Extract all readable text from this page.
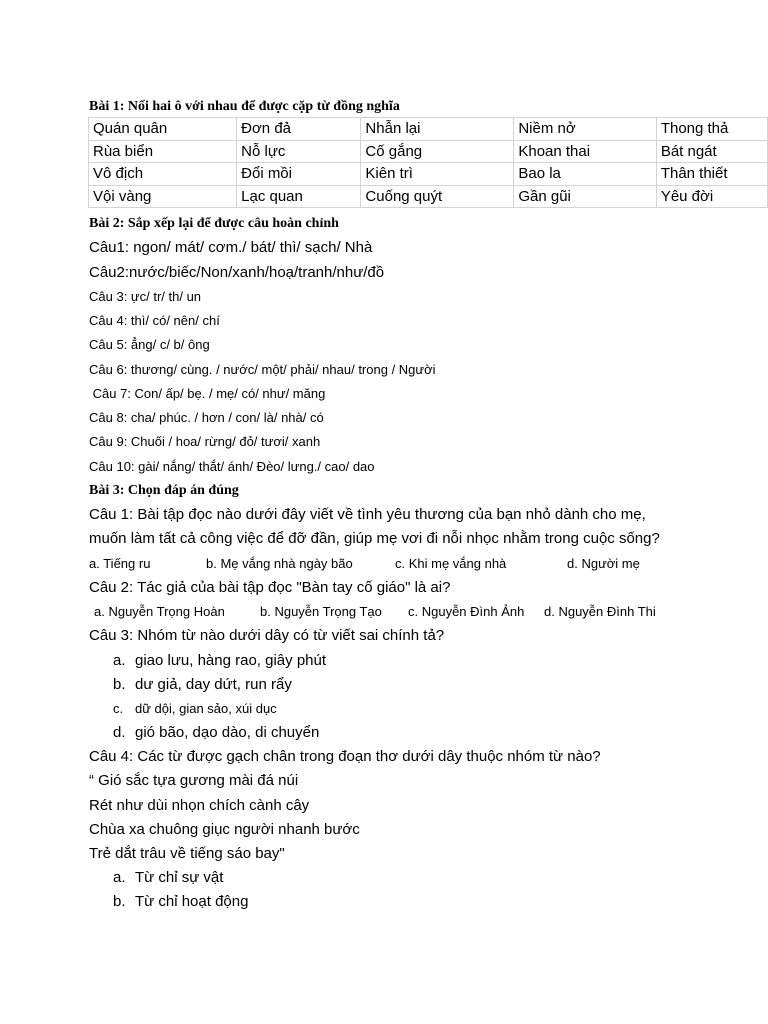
Bài 1: Nối hai ô với nhau để được cặp từ đồng nghĩa
Quán quân	Đơn đả	Nhẫn lại	Niềm nở	Thong thả
Rùa biển	Nỗ lực	Cố gắng	Khoan thai	Bát ngát
Vô địch	Đổi mồi	Kiên trì	Bao la	Thân thiết
Vội vàng	Lạc quan	Cuống quýt	Gần gũi	Yêu đời
Bài 2: Sắp xếp lại để được câu hoàn chỉnh
Câu1: ngon/ mát/ cơm./ bát/ thì/ sạch/ Nhà
Câu2:nước/biếc/Non/xanh/hoạ/tranh/như/đồ
Câu 3: ực/ tr/ th/ un
Câu 4: thì/ có/ nên/ chí
Câu 5: ẳng/ c/ b/ ông
Câu 6: thương/ cùng. / nước/ một/ phải/ nhau/ trong / Người
Câu 7: Con/ ấp/ bẹ. / mẹ/ có/ như/ măng
Câu 8: cha/ phúc. / hơn / con/ là/ nhà/ có
Câu 9: Chuối / hoa/ rừng/ đỏ/ tươi/ xanh
Câu 10: gài/ nắng/ thắt/ ánh/ Đèo/ lưng./ cao/ dao
Bài 3: Chọn đáp án đúng
Câu 1: Bài tập đọc nào dưới đây viết về tình yêu thương của bạn nhỏ dành cho mẹ,
muốn làm tất cả công việc để đỡ đần, giúp mẹ vơi đi nỗi nhọc nhằm trong cuộc sống?
a. Tiếng ru	b. Mẹ vắng nhà ngày bão	c. Khi mẹ vắng nhà	d. Người mẹ
Câu 2: Tác giả của bài tập đọc "Bàn tay cố giáo" là ai?
a. Nguyễn Trọng Hoàn	b. Nguyễn Trọng Tạo c. Nguyễn Đình Ảnh d. Nguyễn Đình Thi
Câu 3: Nhóm từ nào dưới dây có từ viết sai chính tả?
a. giao lưu, hàng rao, giây phút
b. dư giả, day dứt, run rẩy
c. dữ dội, gian sảo, xúi dục
d. gió bão, dạo dào, di chuyển
Câu 4: Các từ được gạch chân trong đoạn thơ dưới dây thuộc nhóm từ nào?
“ Gió sắc tựa gương mài đá núi
Rét như dùi nhọn chích cành cây
Chùa xa chuông giục người nhanh bước
Trẻ dắt trâu về tiếng sáo bay"
a. Từ chỉ sự vật
b. Từ chỉ hoạt động
